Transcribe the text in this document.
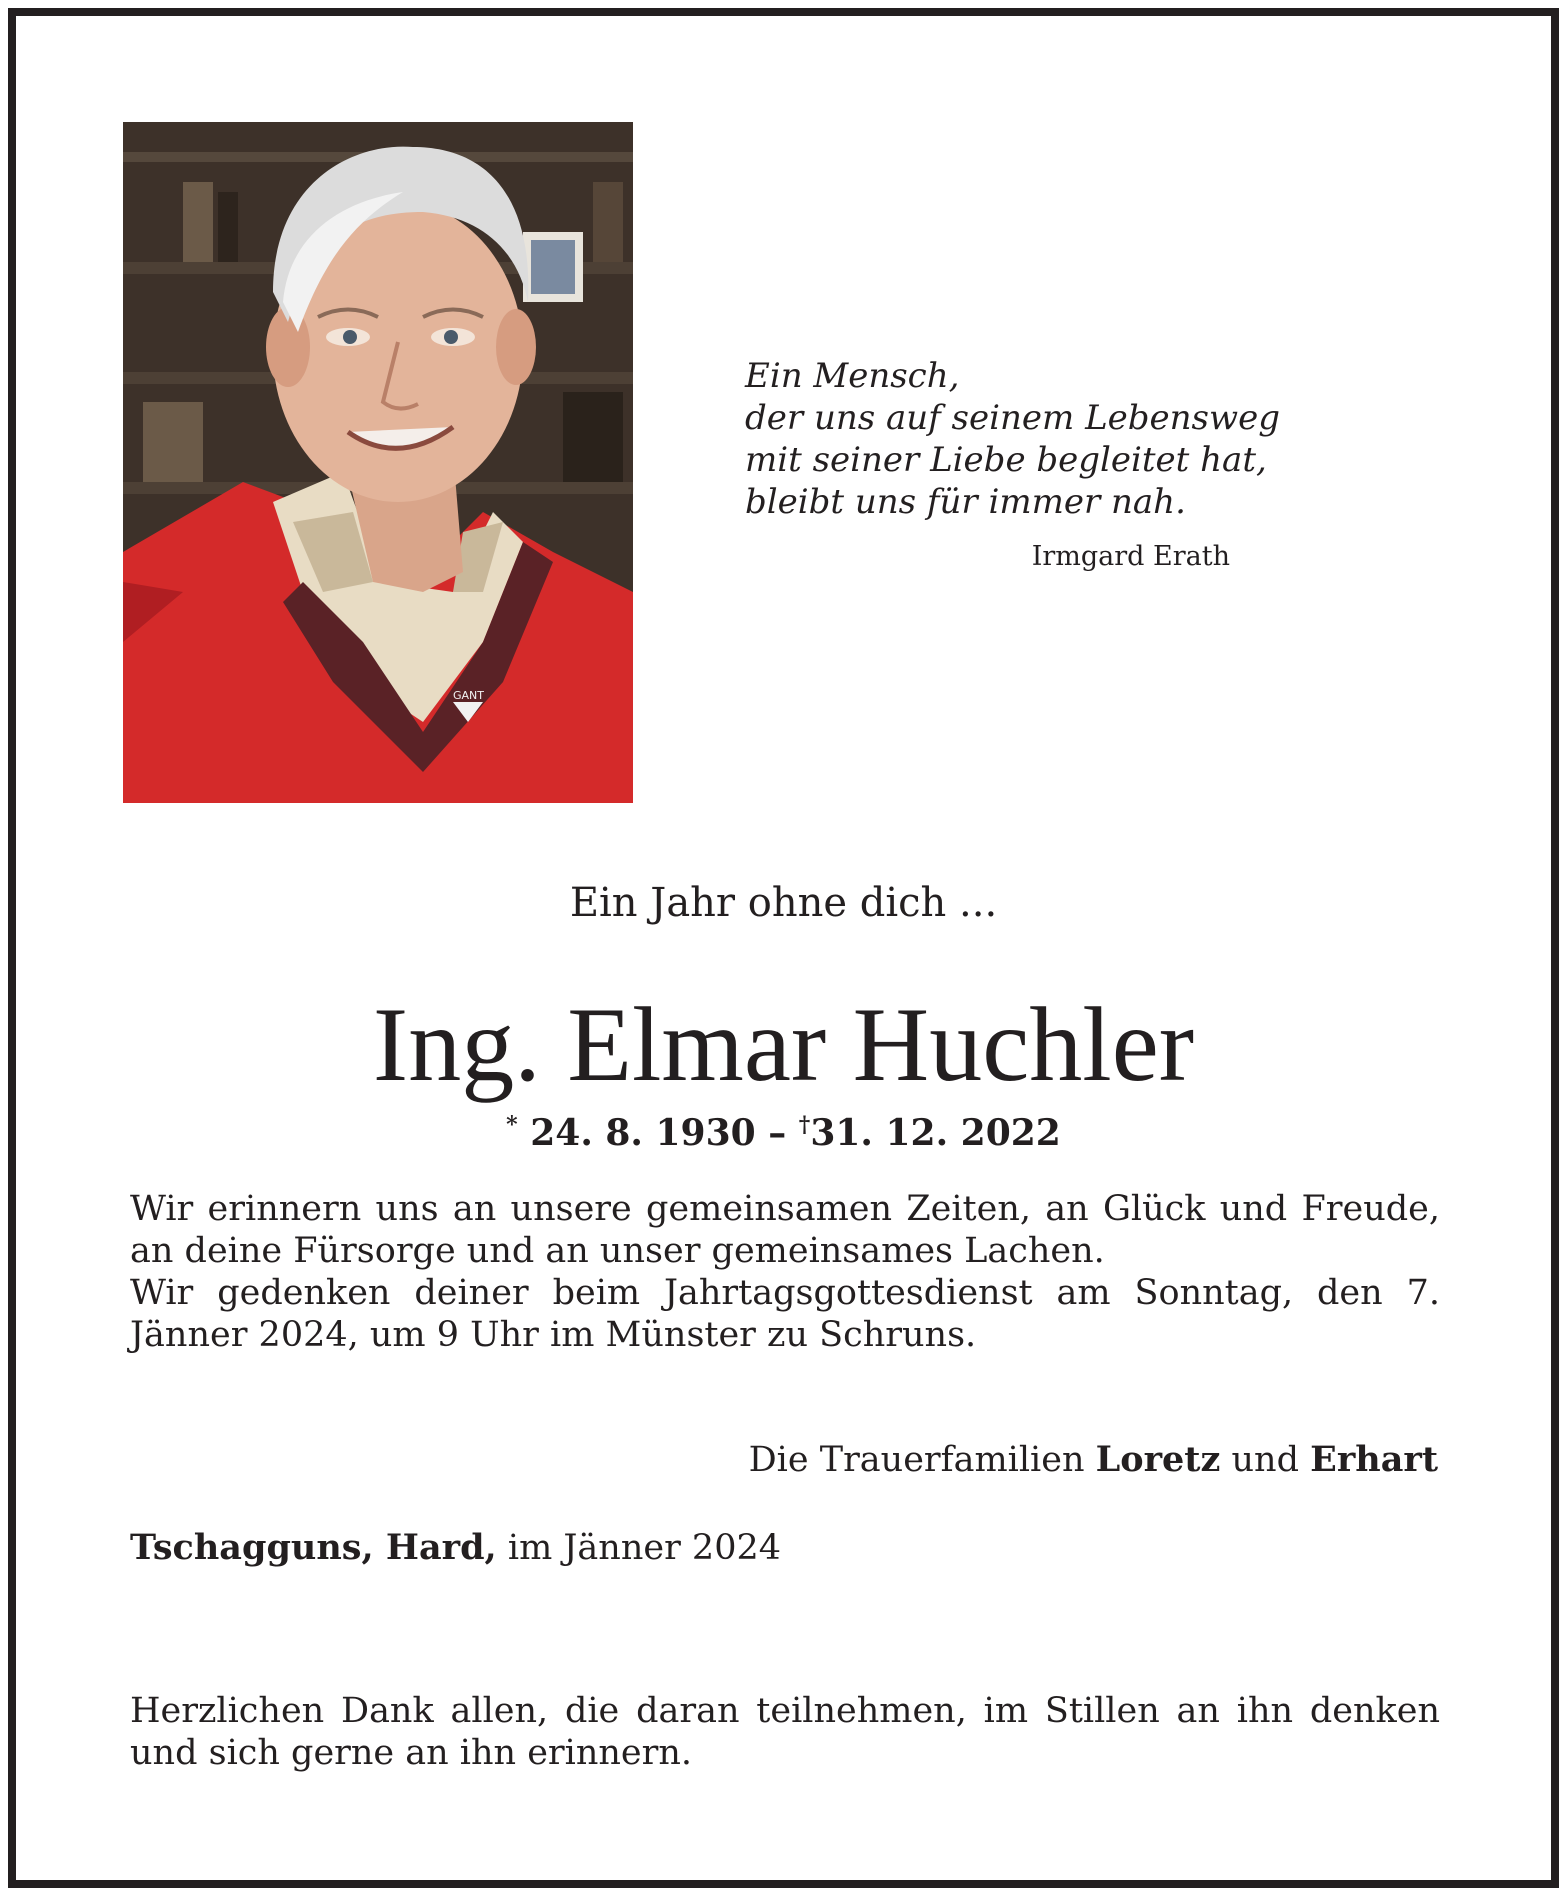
GANT
Ein Mensch,
der uns auf seinem Lebensweg
mit seiner Liebe begleitet hat,
bleibt uns für immer nah.
Irmgard Erath
Ein Jahr ohne dich ...
Ing. Elmar Huchler
* 24. 8. 1930 – †31. 12. 2022
Wir erinnern uns an unsere gemeinsamen Zeiten, an Glück und Freude, an deine Fürsorge und an unser gemeinsames Lachen.
Wir gedenken deiner beim Jahrtagsgottesdienst am Sonntag, den 7. Jänner 2024, um 9 Uhr im Münster zu Schruns.
Die Trauerfamilien Loretz und Erhart
Tschagguns, Hard, im Jänner 2024
Herzlichen Dank allen, die daran teilnehmen, im Stillen an ihn denken und sich gerne an ihn erinnern.
